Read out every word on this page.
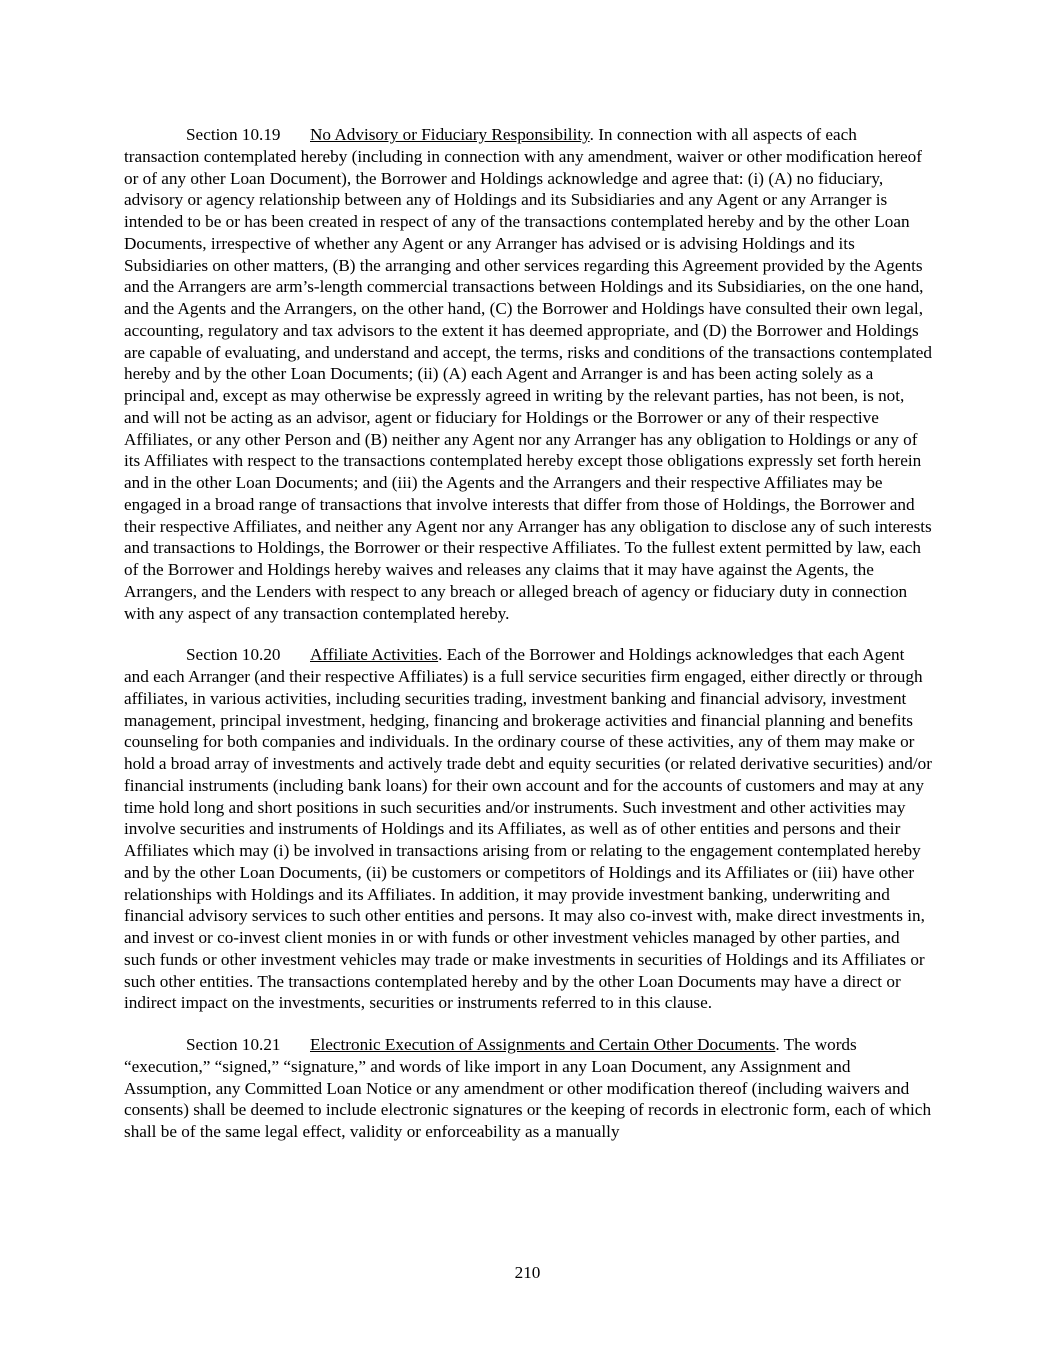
Section 10.19 No Advisory or Fiduciary Responsibility. In connection with all aspects of each transaction contemplated hereby (including in connection with any amendment, waiver or other modification hereof or of any other Loan Document), the Borrower and Holdings acknowledge and agree that: (i) (A) no fiduciary, advisory or agency relationship between any of Holdings and its Subsidiaries and any Agent or any Arranger is intended to be or has been created in respect of any of the transactions contemplated hereby and by the other Loan Documents, irrespective of whether any Agent or any Arranger has advised or is advising Holdings and its Subsidiaries on other matters, (B) the arranging and other services regarding this Agreement provided by the Agents and the Arrangers are arm’s-length commercial transactions between Holdings and its Subsidiaries, on the one hand, and the Agents and the Arrangers, on the other hand, (C) the Borrower and Holdings have consulted their own legal, accounting, regulatory and tax advisors to the extent it has deemed appropriate, and (D) the Borrower and Holdings are capable of evaluating, and understand and accept, the terms, risks and conditions of the transactions contemplated hereby and by the other Loan Documents; (ii) (A) each Agent and Arranger is and has been acting solely as a principal and, except as may otherwise be expressly agreed in writing by the relevant parties, has not been, is not, and will not be acting as an advisor, agent or fiduciary for Holdings or the Borrower or any of their respective Affiliates, or any other Person and (B) neither any Agent nor any Arranger has any obligation to Holdings or any of its Affiliates with respect to the transactions contemplated hereby except those obligations expressly set forth herein and in the other Loan Documents; and (iii) the Agents and the Arrangers and their respective Affiliates may be engaged in a broad range of transactions that involve interests that differ from those of Holdings, the Borrower and their respective Affiliates, and neither any Agent nor any Arranger has any obligation to disclose any of such interests and transactions to Holdings, the Borrower or their respective Affiliates. To the fullest extent permitted by law, each of the Borrower and Holdings hereby waives and releases any claims that it may have against the Agents, the Arrangers, and the Lenders with respect to any breach or alleged breach of agency or fiduciary duty in connection with any aspect of any transaction contemplated hereby.

Section 10.20 Affiliate Activities. Each of the Borrower and Holdings acknowledges that each Agent and each Arranger (and their respective Affiliates) is a full service securities firm engaged, either directly or through affiliates, in various activities, including securities trading, investment banking and financial advisory, investment management, principal investment, hedging, financing and brokerage activities and financial planning and benefits counseling for both companies and individuals. In the ordinary course of these activities, any of them may make or hold a broad array of investments and actively trade debt and equity securities (or related derivative securities) and/or financial instruments (including bank loans) for their own account and for the accounts of customers and may at any time hold long and short positions in such securities and/or instruments. Such investment and other activities may involve securities and instruments of Holdings and its Affiliates, as well as of other entities and persons and their Affiliates which may (i) be involved in transactions arising from or relating to the engagement contemplated hereby and by the other Loan Documents, (ii) be customers or competitors of Holdings and its Affiliates or (iii) have other relationships with Holdings and its Affiliates. In addition, it may provide investment banking, underwriting and financial advisory services to such other entities and persons. It may also co-invest with, make direct investments in, and invest or co-invest client monies in or with funds or other investment vehicles managed by other parties, and such funds or other investment vehicles may trade or make investments in securities of Holdings and its Affiliates or such other entities. The transactions contemplated hereby and by the other Loan Documents may have a direct or indirect impact on the investments, securities or instruments referred to in this clause.

Section 10.21 Electronic Execution of Assignments and Certain Other Documents. The words “execution,” “signed,” “signature,” and words of like import in any Loan Document, any Assignment and Assumption, any Committed Loan Notice or any amendment or other modification thereof (including waivers and consents) shall be deemed to include electronic signatures or the keeping of records in electronic form, each of which shall be of the same legal effect, validity or enforceability as a manually

210
